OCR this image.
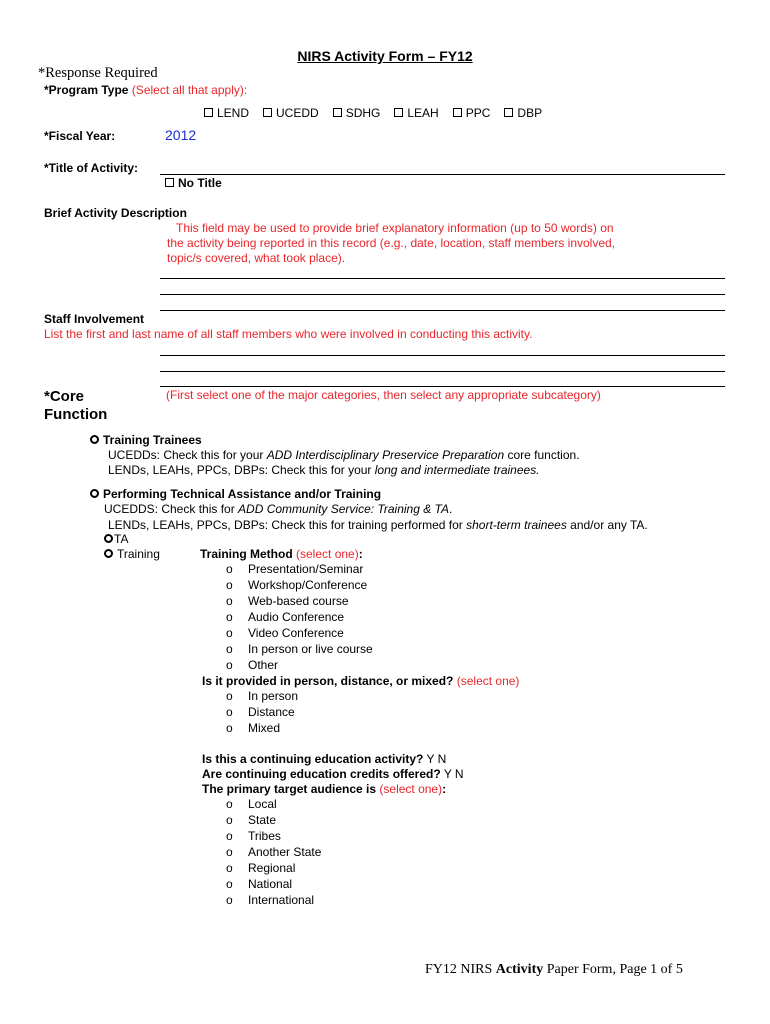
NIRS Activity Form – FY12
*Response Required
*Program Type (Select all that apply):
LEND UCEDD SDHG LEAH PPC DBP
*Fiscal Year:	2012
*Title of Activity:
No Title
Brief Activity Description
This field may be used to provide brief explanatory information (up to 50 words) on
the activity being reported in this record (e.g., date, location, staff members involved,
topic/s covered, what took place).
Staff Involvement
List the first and last name of all staff members who were involved in conducting this activity.
*Core
Function
(First select one of the major categories, then select any appropriate subcategory)
Training Trainees
UCEDDs: Check this for your ADD Interdisciplinary Preservice Preparation core function.
LENDs, LEAHs, PPCs, DBPs: Check this for your long and intermediate trainees.
Performing Technical Assistance and/or Training
UCEDDS: Check this for ADD Community Service: Training & TA.
LENDs, LEAHs, PPCs, DBPs: Check this for training performed for short-term trainees and/or any TA.
TA
Training	Training Method (select one):
o Presentation/Seminar
o Workshop/Conference
o Web-based course
o Audio Conference
o Video Conference
o In person or live course
o Other
Is it provided in person, distance, or mixed? (select one)
o In person
o Distance
o Mixed
Is this a continuing education activity? Y N
Are continuing education credits offered? Y N
The primary target audience is (select one):
o Local
o State
o Tribes
o Another State
o Regional
o National
o International
FY12 NIRS Activity Paper Form, Page 1 of 5
